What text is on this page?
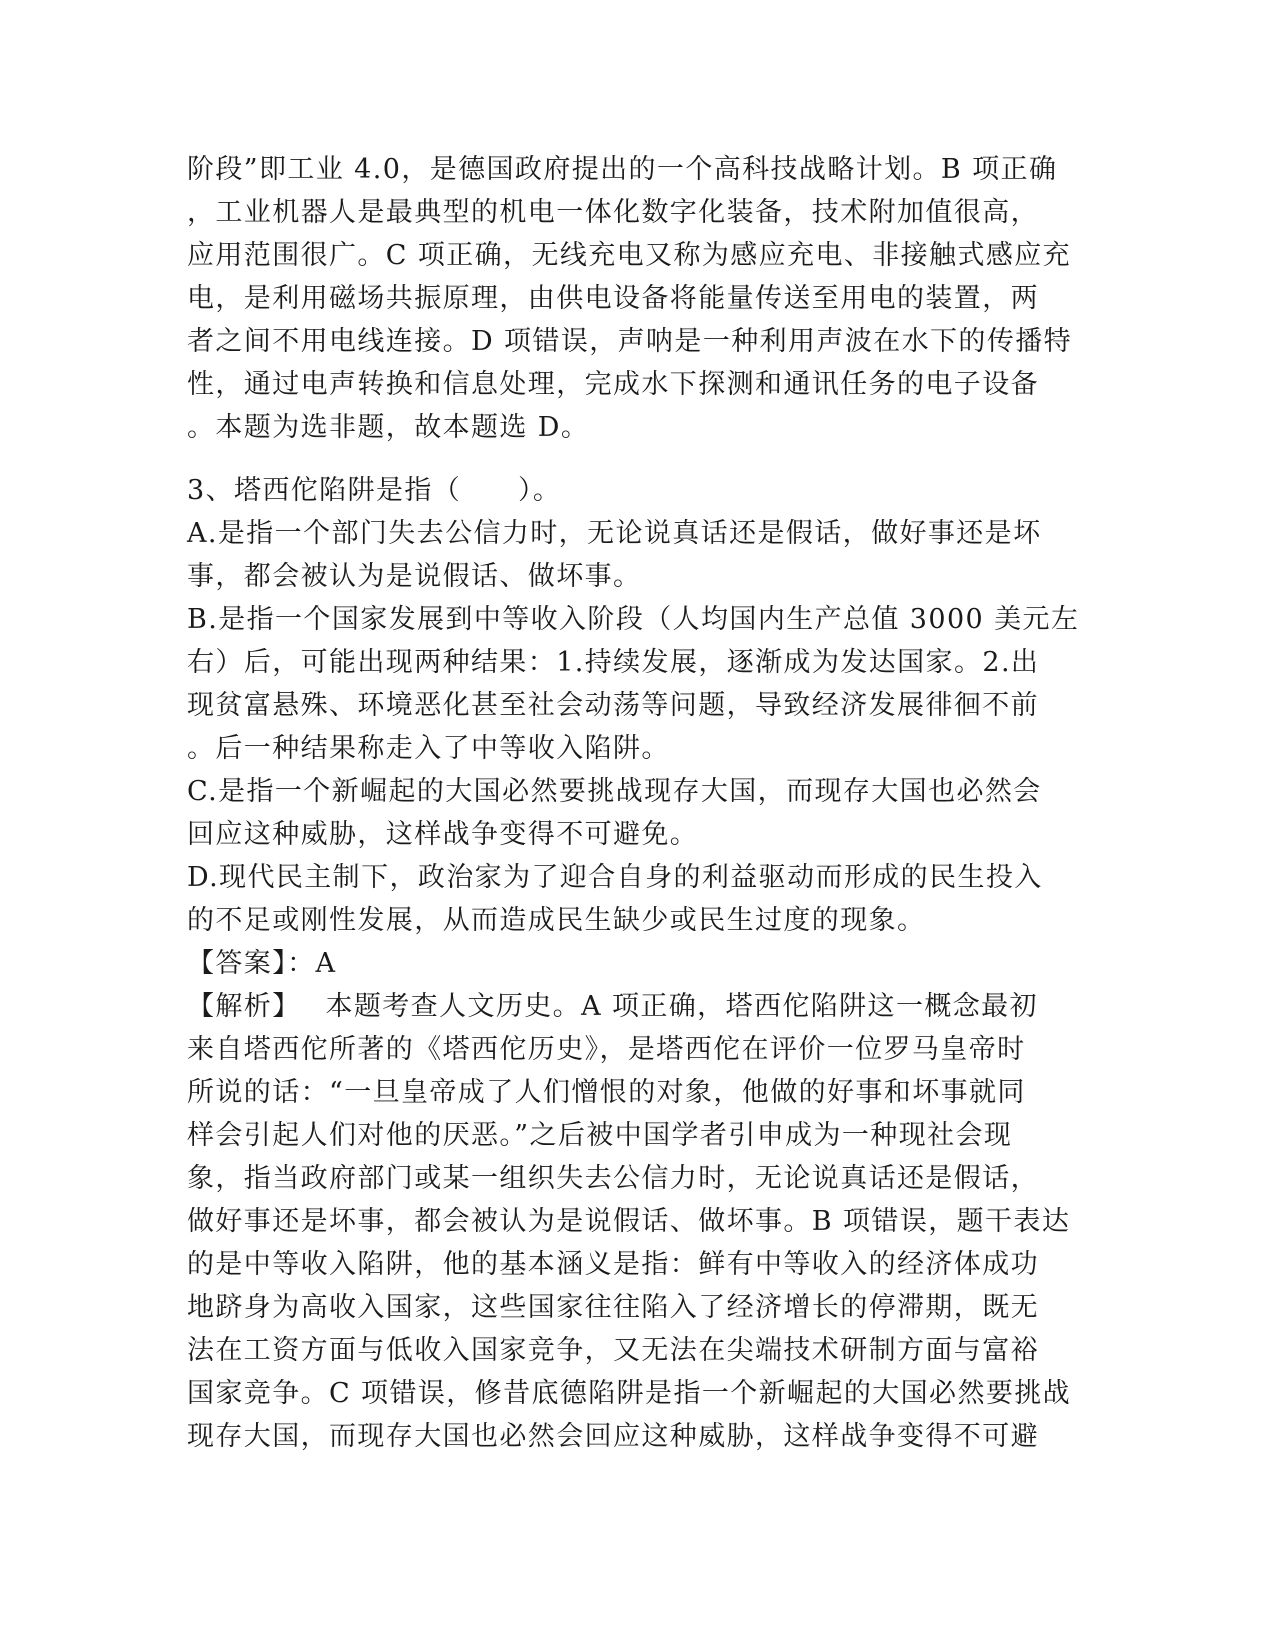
阶段”即工业 4.0，是德国政府提出的一个高科技战略计划。B 项正确
，工业机器人是最典型的机电一体化数字化装备，技术附加值很高，
应用范围很广。C 项正确，无线充电又称为感应充电、非接触式感应充
电，是利用磁场共振原理，由供电设备将能量传送至用电的装置，两
者之间不用电线连接。D 项错误，声呐是一种利用声波在水下的传播特
性，通过电声转换和信息处理，完成水下探测和通讯任务的电子设备
。本题为选非题，故本题选 D。
3、塔西佗陷阱是指（　　）。
A.是指一个部门失去公信力时，无论说真话还是假话，做好事还是坏
事，都会被认为是说假话、做坏事。
B.是指一个国家发展到中等收入阶段（人均国内生产总值 3000 美元左
右）后，可能出现两种结果：1.持续发展，逐渐成为发达国家。2.出
现贫富悬殊、环境恶化甚至社会动荡等问题，导致经济发展徘徊不前
。后一种结果称走入了中等收入陷阱。
C.是指一个新崛起的大国必然要挑战现存大国，而现存大国也必然会
回应这种威胁，这样战争变得不可避免。
D.现代民主制下，政治家为了迎合自身的利益驱动而形成的民生投入
的不足或刚性发展，从而造成民生缺少或民生过度的现象。
【答案】：A
【解析】　 本题考查人文历史。A 项正确，塔西佗陷阱这一概念最初
来自塔西佗所著的《塔西佗历史》，是塔西佗在评价一位罗马皇帝时
所说的话：“一旦皇帝成了人们憎恨的对象，他做的好事和坏事就同
样会引起人们对他的厌恶。”之后被中国学者引申成为一种现社会现
象，指当政府部门或某一组织失去公信力时，无论说真话还是假话，
做好事还是坏事，都会被认为是说假话、做坏事。B 项错误，题干表达
的是中等收入陷阱，他的基本涵义是指：鲜有中等收入的经济体成功
地跻身为高收入国家，这些国家往往陷入了经济增长的停滞期，既无
法在工资方面与低收入国家竞争，又无法在尖端技术研制方面与富裕
国家竞争。C 项错误，修昔底德陷阱是指一个新崛起的大国必然要挑战
现存大国，而现存大国也必然会回应这种威胁，这样战争变得不可避
